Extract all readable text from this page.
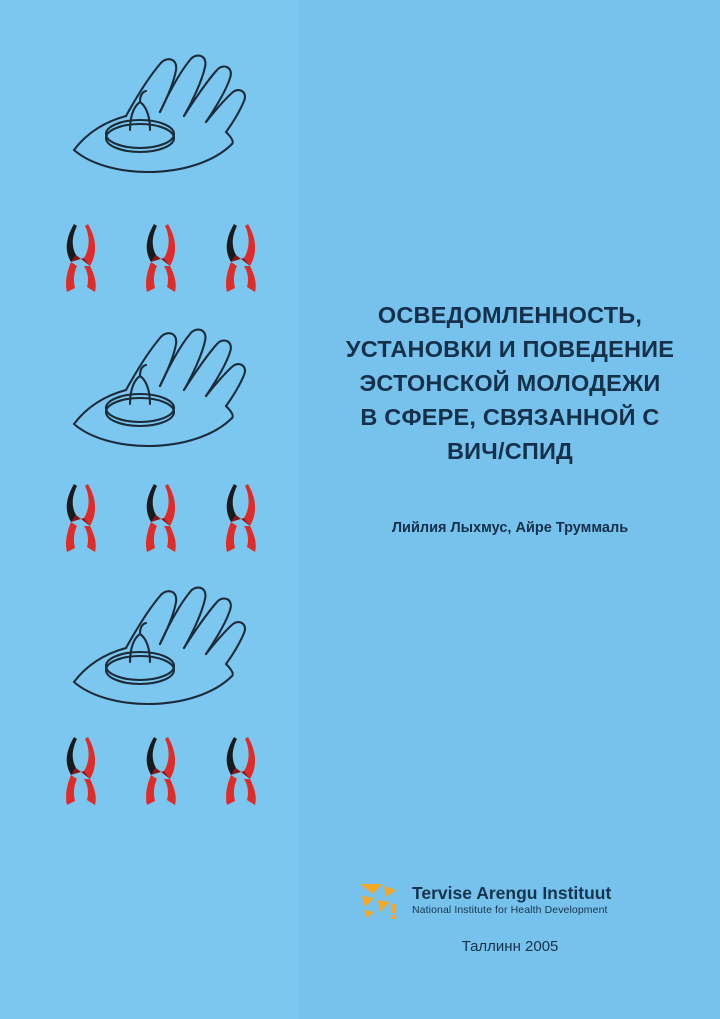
ОСВЕДОМЛЕННОСТЬ,
УСТАНОВКИ И ПОВЕДЕНИЕ
ЭСТОНСКОЙ МОЛОДЕЖИ
В СФЕРЕ, СВЯЗАННОЙ С
ВИЧ/СПИД
Лийлия Лыхмус, Айре Труммаль
Tervise Arengu Instituut
National Institute for Health Development
Таллинн 2005
